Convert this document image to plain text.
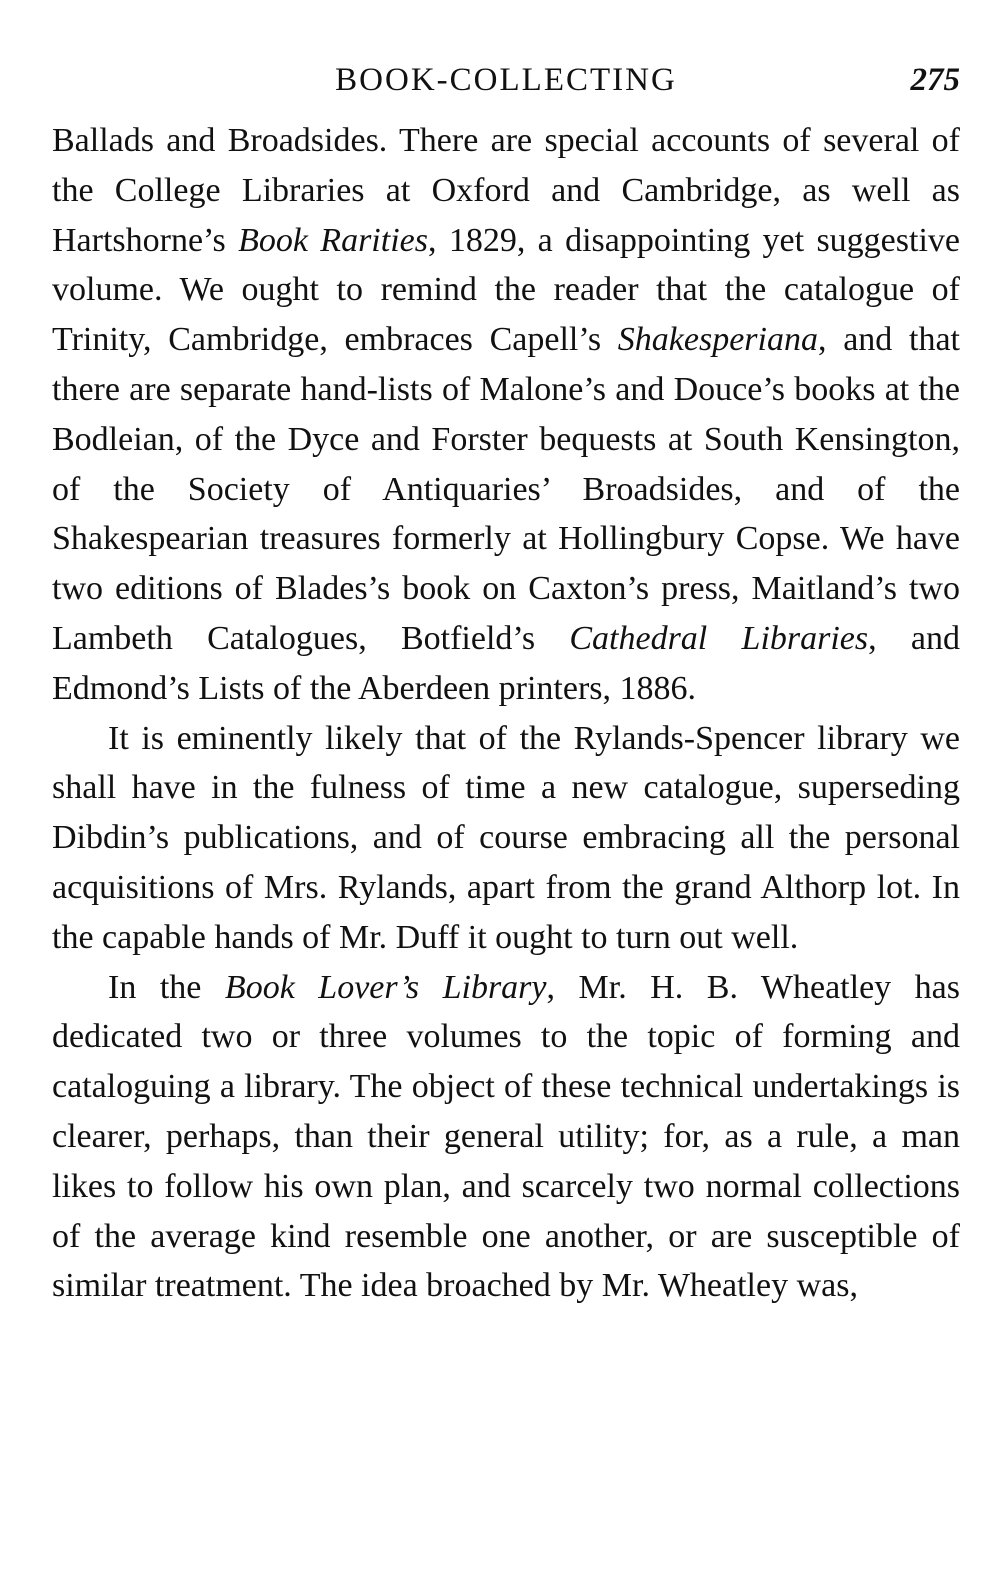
BOOK-COLLECTING	275

Ballads and Broadsides. There are special accounts of several of the College Libraries at Oxford and Cambridge, as well as Hartshorne’s Book Rarities, 1829, a disappointing yet suggestive volume. We ought to remind the reader that the catalogue of Trinity, Cambridge, embraces Capell’s Shakesperiana, and that there are separate hand-lists of Malone’s and Douce’s books at the Bodleian, of the Dyce and Forster bequests at South Kensington, of the Society of Antiquaries’ Broadsides, and of the Shakespearian treasures formerly at Hollingbury Copse. We have two editions of Blades’s book on Caxton’s press, Maitland’s two Lambeth Catalogues, Botfield’s Cathedral Libraries, and Edmond’s Lists of the Aberdeen printers, 1886.

It is eminently likely that of the Rylands-Spencer library we shall have in the fulness of time a new catalogue, superseding Dibdin’s publications, and of course embracing all the personal acquisitions of Mrs. Rylands, apart from the grand Althorp lot. In the capable hands of Mr. Duff it ought to turn out well.

In the Book Lover’s Library, Mr. H. B. Wheatley has dedicated two or three volumes to the topic of forming and cataloguing a library. The object of these technical undertakings is clearer, perhaps, than their general utility; for, as a rule, a man likes to follow his own plan, and scarcely two normal collections of the average kind resemble one another, or are susceptible of similar treatment. The idea broached by Mr. Wheatley was,
